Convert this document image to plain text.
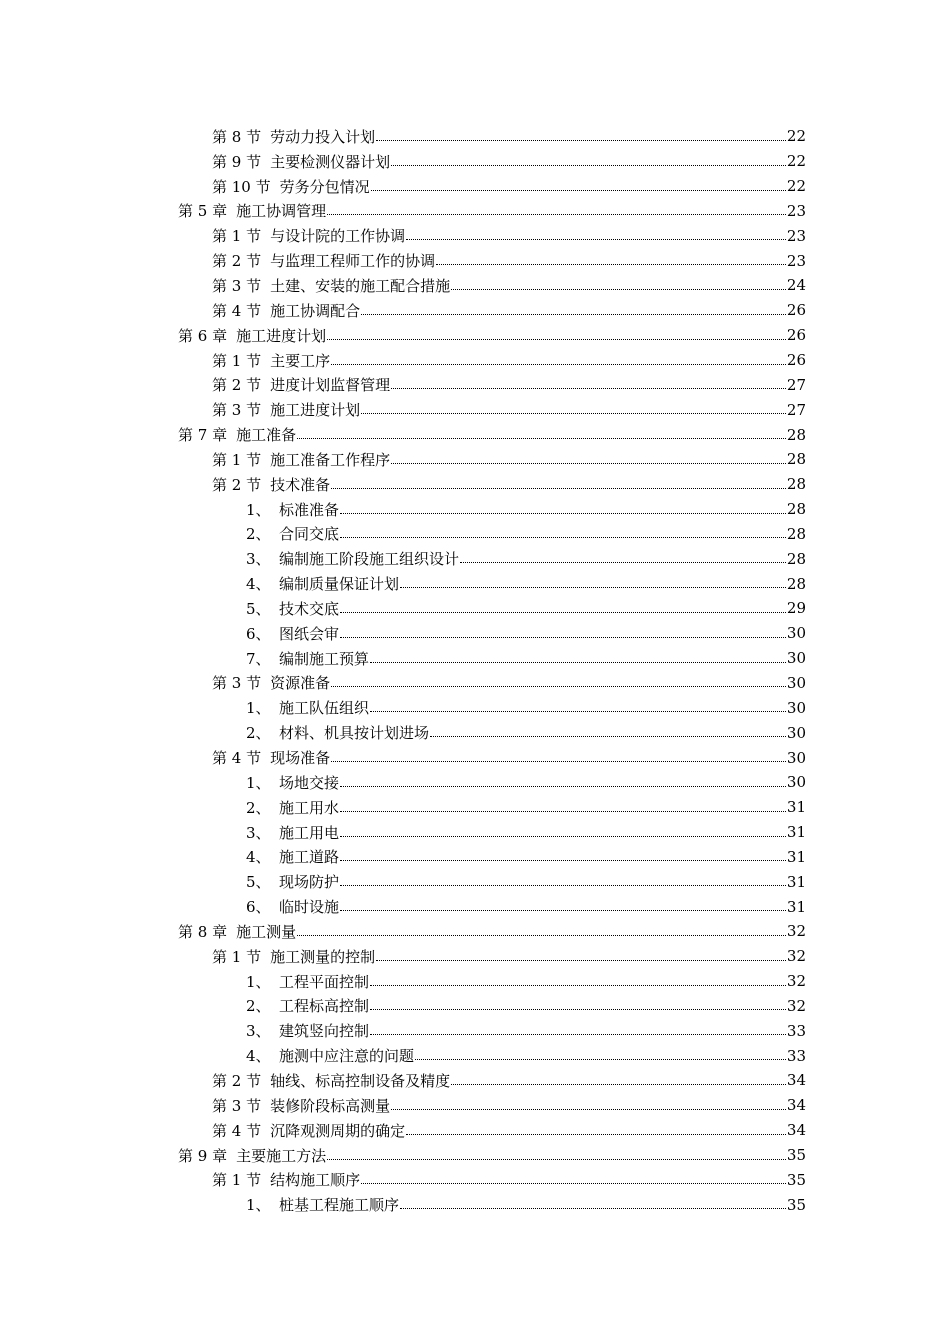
第 8 节 劳动力投入计划	22
第 9 节 主要检测仪器计划	22
第 10 节 劳务分包情况	22
第 5 章 施工协调管理	23
第 1 节 与设计院的工作协调	23
第 2 节 与监理工程师工作的协调	23
第 3 节 土建、安装的施工配合措施	24
第 4 节 施工协调配合	26
第 6 章 施工进度计划	26
第 1 节 主要工序	26
第 2 节 进度计划监督管理	27
第 3 节 施工进度计划	27
第 7 章 施工准备	28
第 1 节 施工准备工作程序	28
第 2 节 技术准备	28
1、 标准准备	28
2、 合同交底	28
3、 编制施工阶段施工组织设计	28
4、 编制质量保证计划	28
5、 技术交底	29
6、 图纸会审	30
7、 编制施工预算	30
第 3 节 资源准备	30
1、 施工队伍组织	30
2、 材料、机具按计划进场	30
第 4 节 现场准备	30
1、 场地交接	30
2、 施工用水	31
3、 施工用电	31
4、 施工道路	31
5、 现场防护	31
6、 临时设施	31
第 8 章 施工测量	32
第 1 节 施工测量的控制	32
1、 工程平面控制	32
2、 工程标高控制	32
3、 建筑竖向控制	33
4、 施测中应注意的问题	33
第 2 节 轴线、标高控制设备及精度	34
第 3 节 装修阶段标高测量	34
第 4 节 沉降观测周期的确定	34
第 9 章 主要施工方法	35
第 1 节 结构施工顺序	35
1、 桩基工程施工顺序	35
